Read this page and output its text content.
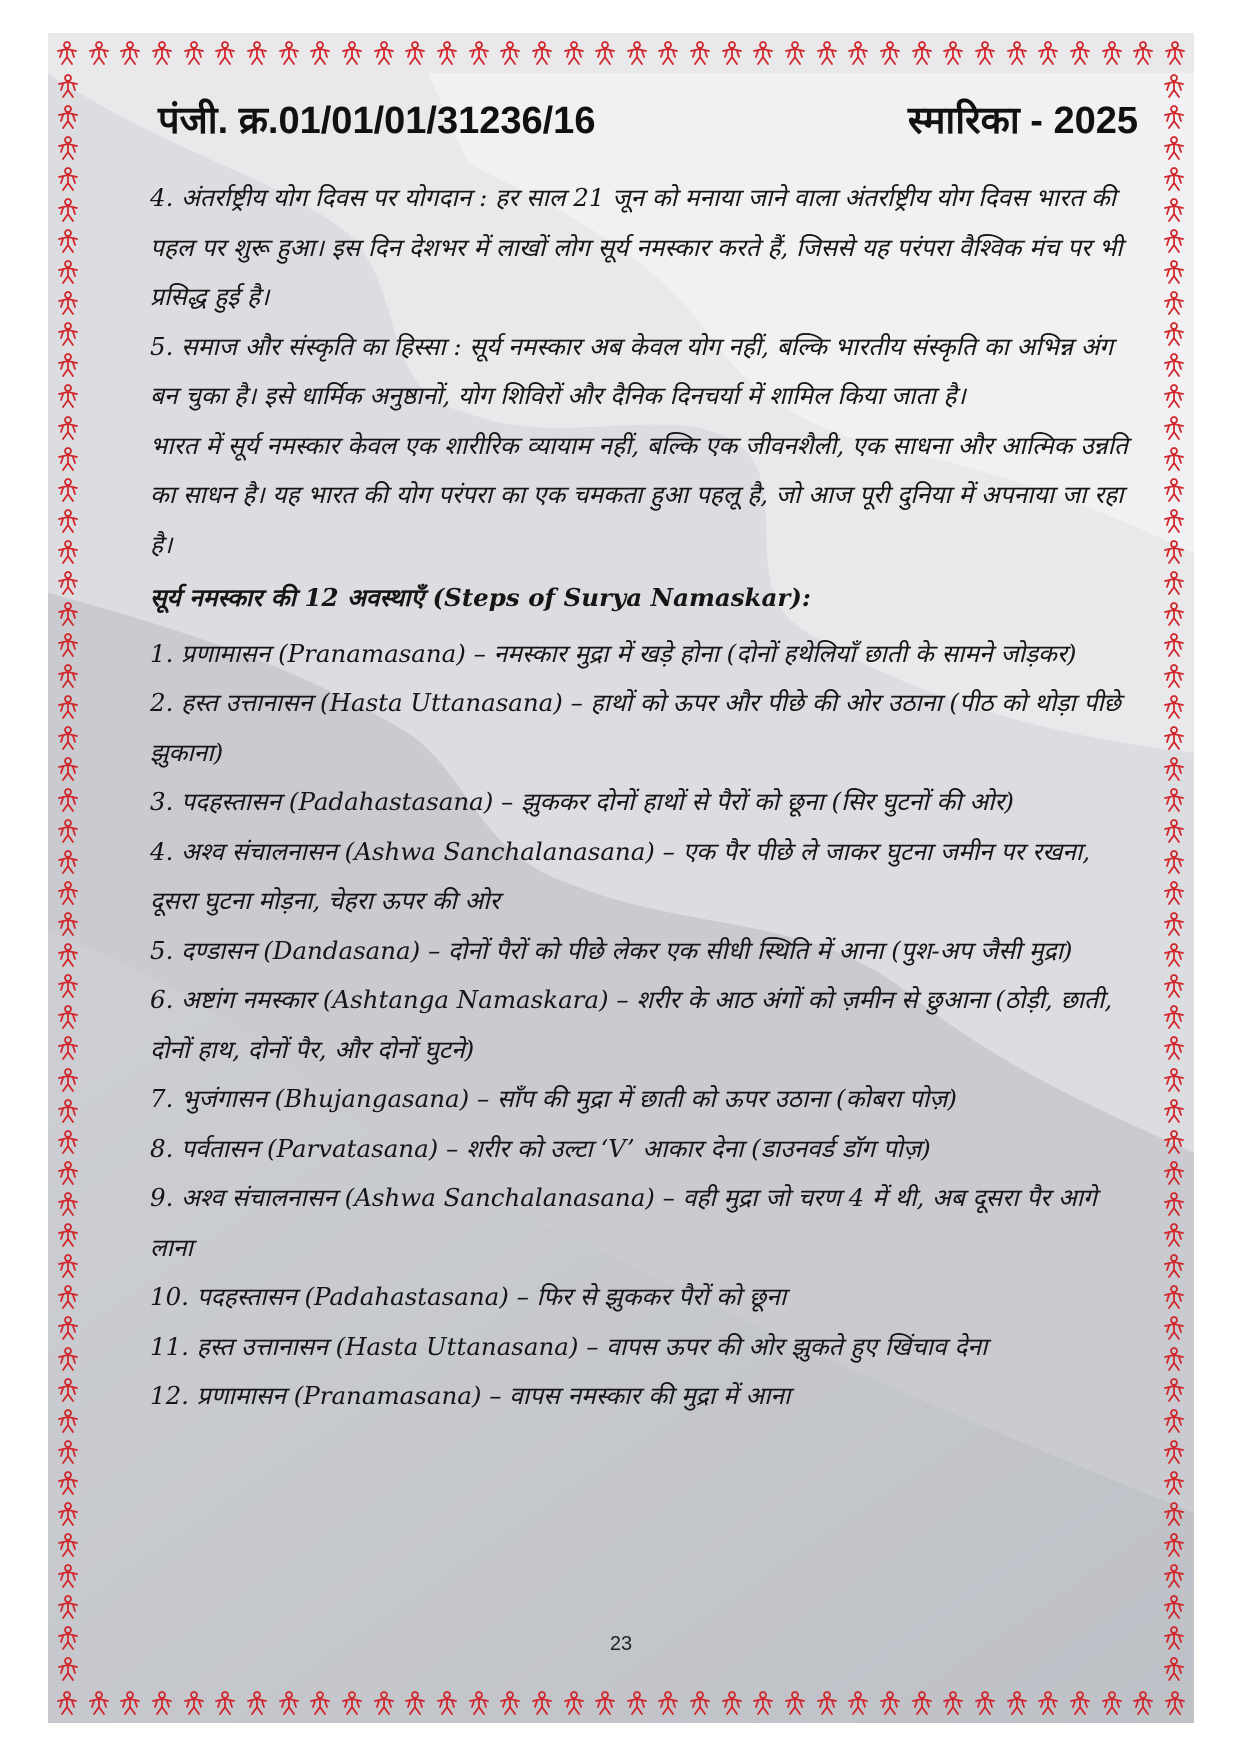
पंजी. क्र.01/01/01/31236/16	स्मारिका - 2025

4. अंतर्राष्ट्रीय योग दिवस पर योगदान : हर साल 21 जून को मनाया जाने वाला अंतर्राष्ट्रीय योग दिवस भारत की पहल पर शुरू हुआ। इस दिन देशभर में लाखों लोग सूर्य नमस्कार करते हैं, जिससे यह परंपरा वैश्विक मंच पर भी प्रसिद्ध हुई है।

5. समाज और संस्कृति का हिस्सा : सूर्य नमस्कार अब केवल योग नहीं, बल्कि भारतीय संस्कृति का अभिन्न अंग बन चुका है। इसे धार्मिक अनुष्ठानों, योग शिविरों और दैनिक दिनचर्या में शामिल किया जाता है।

भारत में सूर्य नमस्कार केवल एक शारीरिक व्यायाम नहीं, बल्कि एक जीवनशैली, एक साधना और आत्मिक उन्नति का साधन है। यह भारत की योग परंपरा का एक चमकता हुआ पहलू है, जो आज पूरी दुनिया में अपनाया जा रहा है।

सूर्य नमस्कार की 12 अवस्थाएँ (Steps of Surya Namaskar):

1. प्रणामासन (Pranamasana) – नमस्कार मुद्रा में खड़े होना (दोनों हथेलियाँ छाती के सामने जोड़कर)

2. हस्त उत्तानासन (Hasta Uttanasana) – हाथों को ऊपर और पीछे की ओर उठाना (पीठ को थोड़ा पीछे झुकाना)

3. पदहस्तासन (Padahastasana) – झुककर दोनों हाथों से पैरों को छूना (सिर घुटनों की ओर)

4. अश्व संचालनासन (Ashwa Sanchalanasana) – एक पैर पीछे ले जाकर घुटना जमीन पर रखना, दूसरा घुटना मोड़ना, चेहरा ऊपर की ओर

5. दण्डासन (Dandasana) – दोनों पैरों को पीछे लेकर एक सीधी स्थिति में आना (पुश-अप जैसी मुद्रा)

6. अष्टांग नमस्कार (Ashtanga Namaskara) – शरीर के आठ अंगों को ज़मीन से छुआना (ठोड़ी, छाती, दोनों हाथ, दोनों पैर, और दोनों घुटने)

7. भुजंगासन (Bhujangasana) – साँप की मुद्रा में छाती को ऊपर उठाना (कोबरा पोज़)

8. पर्वतासन (Parvatasana) – शरीर को उल्टा ‘V’ आकार देना (डाउनवर्ड डॉग पोज़)

9. अश्व संचालनासन (Ashwa Sanchalanasana) – वही मुद्रा जो चरण 4 में थी, अब दूसरा पैर आगे लाना

10. पदहस्तासन (Padahastasana) – फिर से झुककर पैरों को छूना

11. हस्त उत्तानासन (Hasta Uttanasana) – वापस ऊपर की ओर झुकते हुए खिंचाव देना

12. प्रणामासन (Pranamasana) – वापस नमस्कार की मुद्रा में आना

23
